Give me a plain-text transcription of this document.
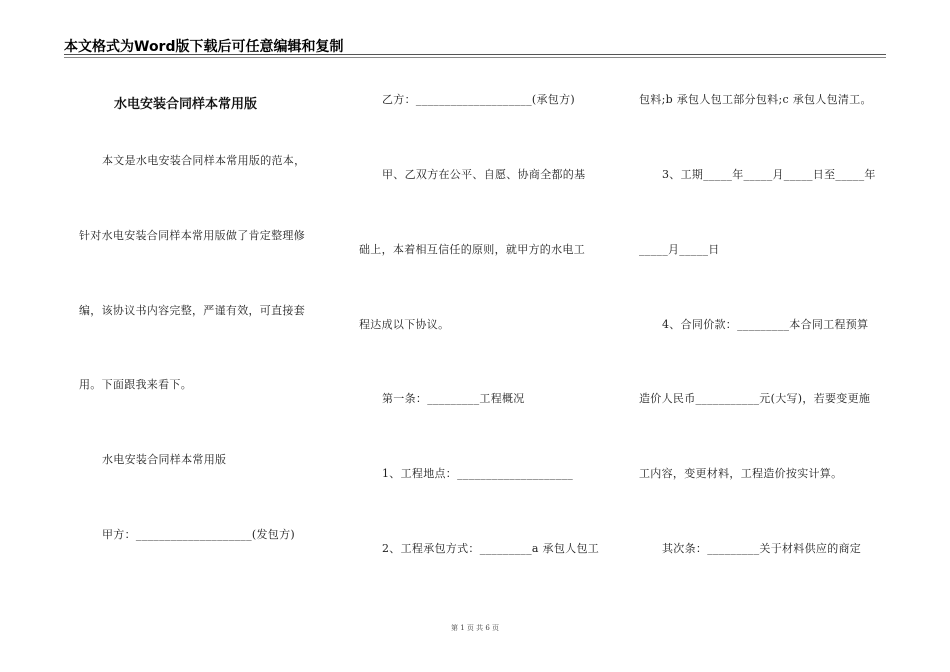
本文格式为Word版下载后可任意编辑和复制
水电安装合同样本常用版
本文是水电安装合同样本常用版的范本，
针对水电安装合同样本常用版做了肯定整理修
编，该协议书内容完整，严谨有效，可直接套
用。下面跟我来看下。
水电安装合同样本常用版
甲方：____________________(发包方)
乙方：____________________(承包方)
甲、乙双方在公平、自愿、协商全都的基
础上，本着相互信任的原则，就甲方的水电工
程达成以下协议。
第一条：_________工程概况
1、工程地点：____________________
2、工程承包方式：_________a 承包人包工
包料;b 承包人包工部分包料;c 承包人包清工。
3、工期_____年_____月_____日至_____年
_____月_____日
4、合同价款：_________本合同工程预算
造价人民币___________元(大写)，若要变更施
工内容，变更材料，工程造价按实计算。
其次条：_________关于材料供应的商定
第 1 页 共 6 页
